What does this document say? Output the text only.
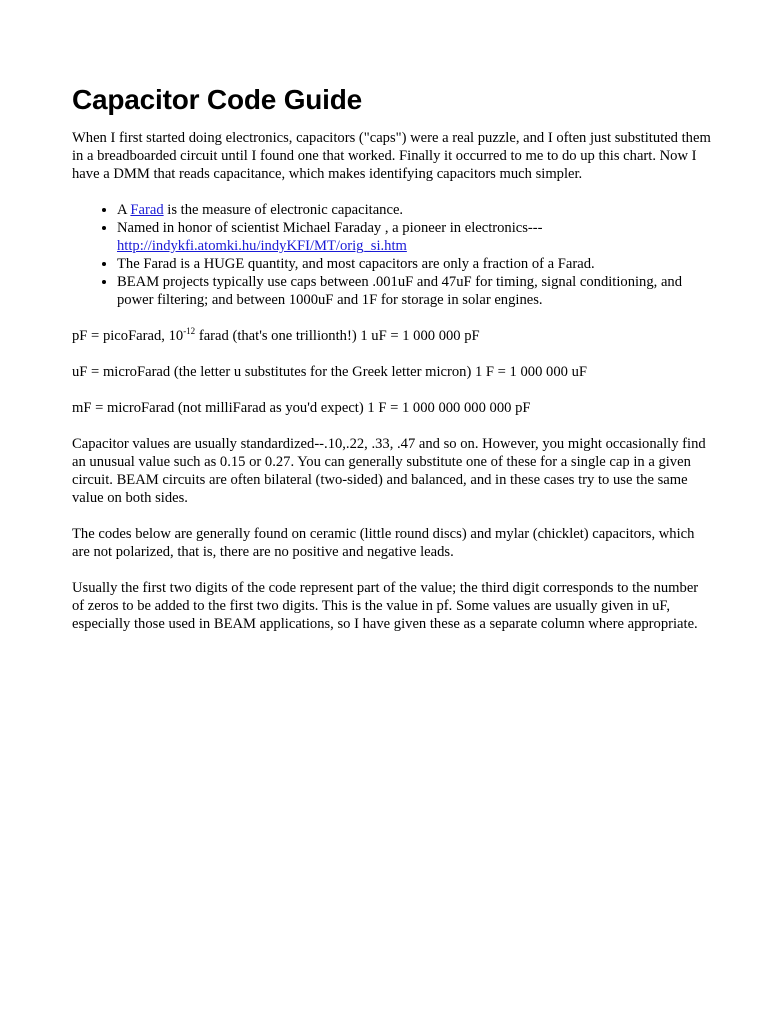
Capacitor Code Guide

When I first started doing electronics, capacitors ("caps") were a real puzzle, and I often just substituted them in a breadboarded circuit until I found one that worked. Finally it occurred to me to do up this chart. Now I have a DMM that reads capacitance, which makes identifying capacitors much simpler.

• A Farad is the measure of electronic capacitance.
• Named in honor of scientist Michael Faraday , a pioneer in electronics---
http://indykfi.atomki.hu/indyKFI/MT/orig_si.htm
• The Farad is a HUGE quantity, and most capacitors are only a fraction of a Farad.
• BEAM projects typically use caps between .001uF and 47uF for timing, signal conditioning, and power filtering; and between 1000uF and 1F for storage in solar engines.

pF = picoFarad, $10^{-12}$ farad (that's one trillionth!) 1 uF = 1 000 000 pF

uF = microFarad (the letter u substitutes for the Greek letter micron) 1 F = 1 000 000 uF

mF = microFarad (not milliFarad as you'd expect) 1 F = 1 000 000 000 000 pF

Capacitor values are usually standardized--.10,.22, .33, .47 and so on. However, you might occasionally find an unusual value such as 0.15 or 0.27. You can generally substitute one of these for a single cap in a given circuit. BEAM circuits are often bilateral (two-sided) and balanced, and in these cases try to use the same value on both sides.

The codes below are generally found on ceramic (little round discs) and mylar (chicklet) capacitors, which are not polarized, that is, there are no positive and negative leads.

Usually the first two digits of the code represent part of the value; the third digit corresponds to the number of zeros to be added to the first two digits. This is the value in pf. Some values are usually given in uF, especially those used in BEAM applications, so I have given these as a separate column where appropriate.
